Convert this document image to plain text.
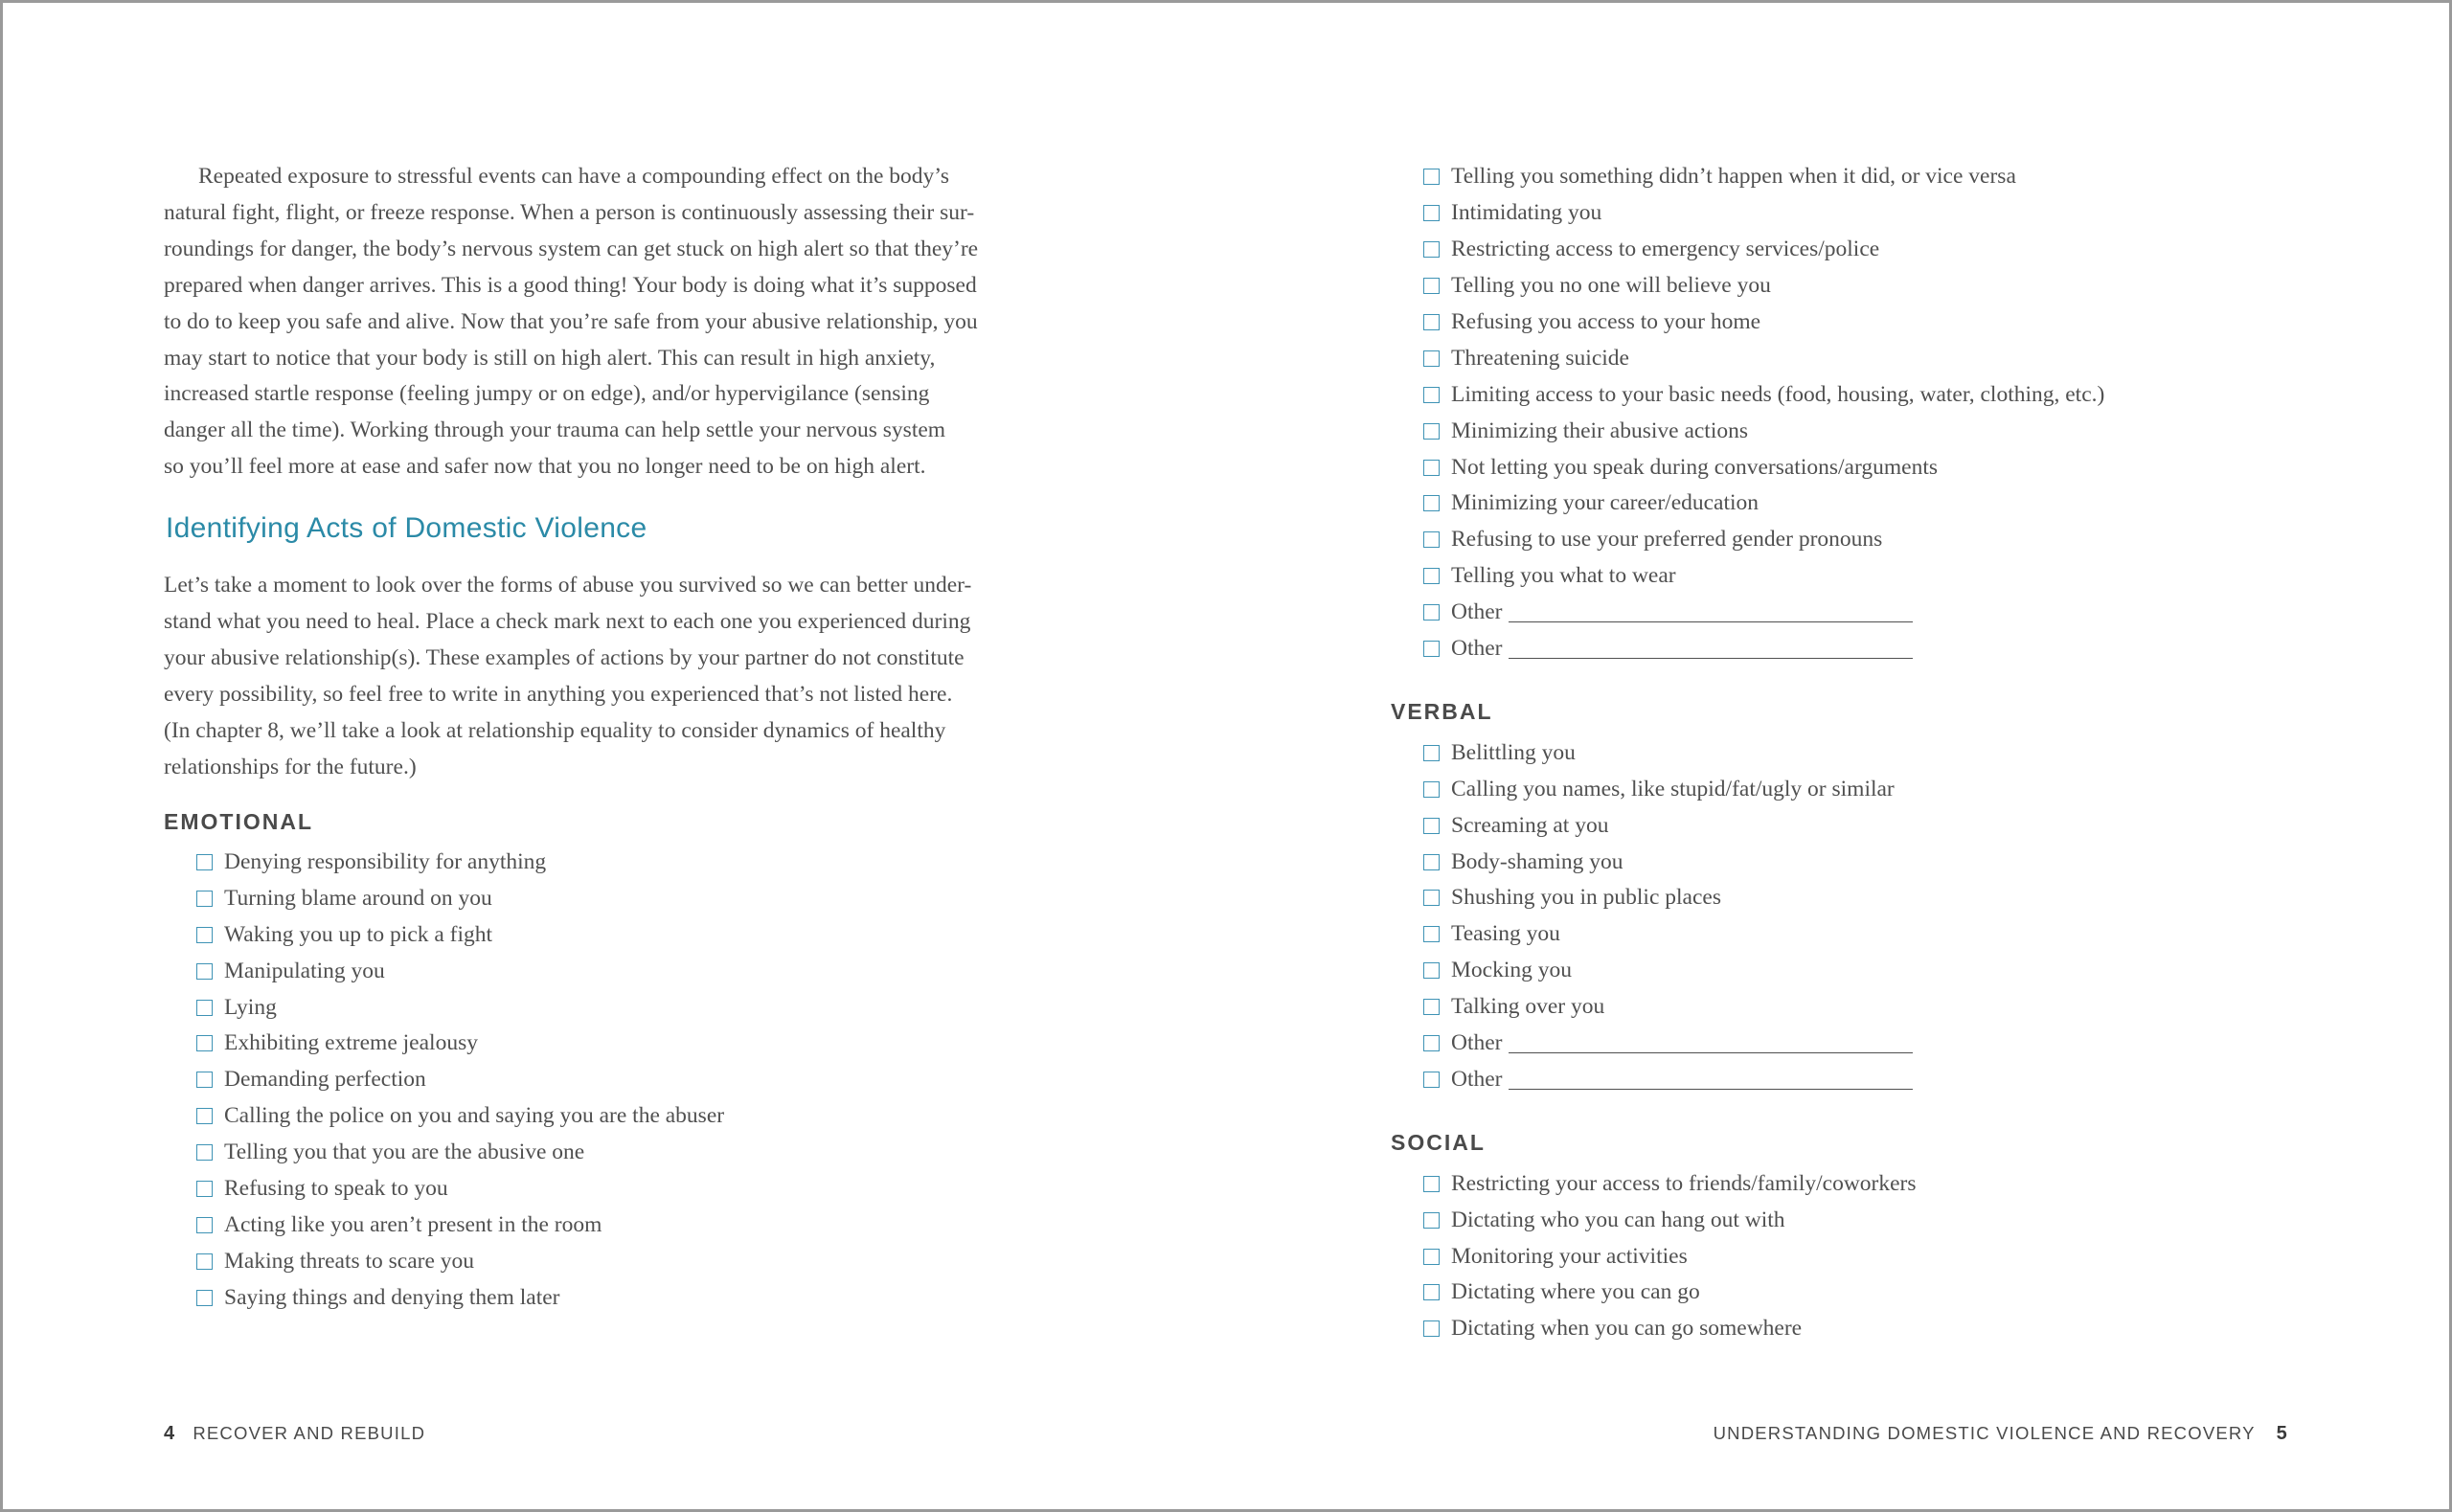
Repeated exposure to stressful events can have a compounding effect on the body’s
natural fight, flight, or freeze response. When a person is continuously assessing their sur-
roundings for danger, the body’s nervous system can get stuck on high alert so that they’re
prepared when danger arrives. This is a good thing! Your body is doing what it’s supposed
to do to keep you safe and alive. Now that you’re safe from your abusive relationship, you
may start to notice that your body is still on high alert. This can result in high anxiety,
increased startle response (feeling jumpy or on edge), and/or hypervigilance (sensing
danger all the time). Working through your trauma can help settle your nervous system
so you’ll feel more at ease and safer now that you no longer need to be on high alert.

Identifying Acts of Domestic Violence

Let’s take a moment to look over the forms of abuse you survived so we can better under-
stand what you need to heal. Place a check mark next to each one you experienced during
your abusive relationship(s). These examples of actions by your partner do not constitute
every possibility, so feel free to write in anything you experienced that’s not listed here.
(In chapter 8, we’ll take a look at relationship equality to consider dynamics of healthy
relationships for the future.)

EMOTIONAL
Denying responsibility for anything
Turning blame around on you
Waking you up to pick a fight
Manipulating you
Lying
Exhibiting extreme jealousy
Demanding perfection
Calling the police on you and saying you are the abuser
Telling you that you are the abusive one
Refusing to speak to you
Acting like you aren’t present in the room
Making threats to scare you
Saying things and denying them later
Telling you something didn’t happen when it did, or vice versa
Intimidating you
Restricting access to emergency services/police
Telling you no one will believe you
Refusing you access to your home
Threatening suicide
Limiting access to your basic needs (food, housing, water, clothing, etc.)
Minimizing their abusive actions
Not letting you speak during conversations/arguments
Minimizing your career/education
Refusing to use your preferred gender pronouns
Telling you what to wear
Other
Other
VERBAL
Belittling you
Calling you names, like stupid/fat/ugly or similar
Screaming at you
Body-shaming you
Shushing you in public places
Teasing you
Mocking you
Talking over you
Other
Other
SOCIAL
Restricting your access to friends/family/coworkers
Dictating who you can hang out with
Monitoring your activities
Dictating where you can go
Dictating when you can go somewhere
4 RECOVER AND REBUILD	UNDERSTANDING DOMESTIC VIOLENCE AND RECOVERY 5
